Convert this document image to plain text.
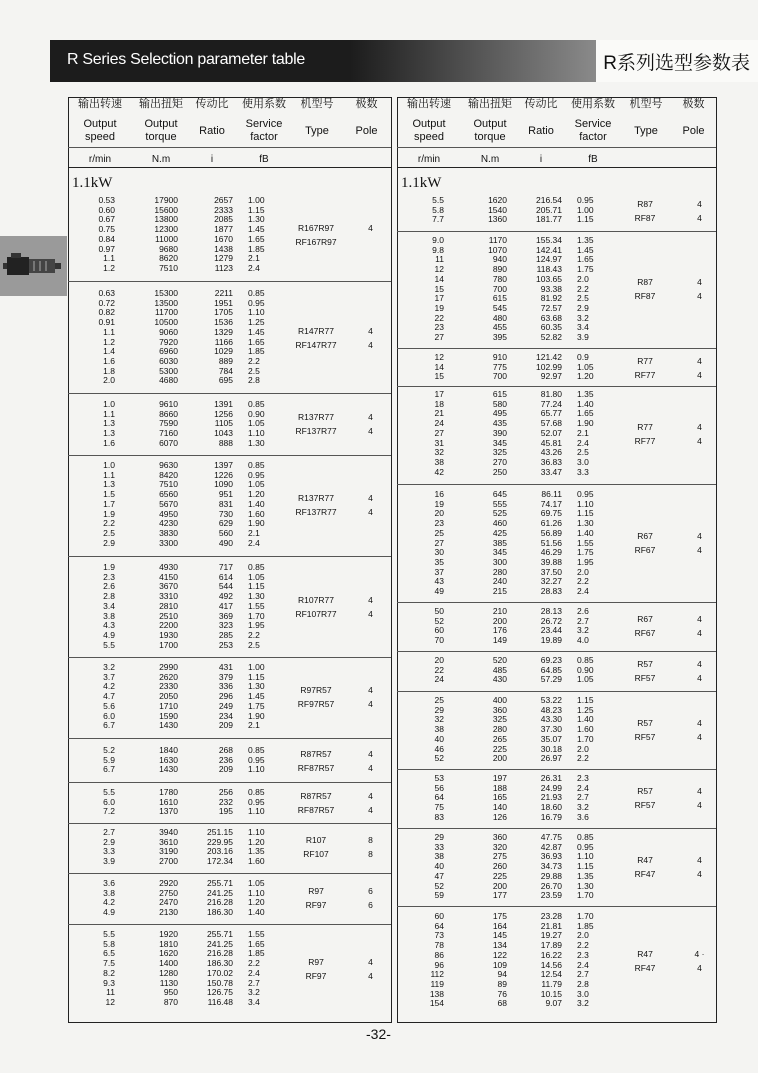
R Series Selection parameter table	R系列选型参数表
输出转速
Output
speed
r/min
输出扭矩
Output
torque
N.m
传动比
Ratio
i
使用系数
Service
factor
fB
机型号
Type
极数
Pole
1.1kW
0.53
0.60
0.67
0.75
0.84
0.97
1.1
1.2
17900
15600
13800
12300
11000
9680
8620
7510
2657
2333
2085
1877
1670
1438
1279
1123
1.00
1.15
1.30
1.45
1.65
1.85
2.1
2.4
R167R97
RF167R97
4

0.63
0.72
0.82
0.91
1.1
1.2
1.4
1.6
1.8
2.0
15300
13500
11700
10500
9060
7920
6960
6030
5300
4680
2211
1951
1705
1536
1329
1166
1029
889
784
695
0.85
0.95
1.10
1.25
1.45
1.65
1.85
2.2
2.5
2.8
R147R77
RF147R77
4
4
1.0
1.1
1.3
1.3
1.6
9610
8660
7590
7160
6070
1391
1256
1105
1043
888
0.85
0.90
1.05
1.10
1.30
R137R77
RF137R77
4
4
1.0
1.1
1.3
1.5
1.7
1.9
2.2
2.5
2.9
9630
8420
7510
6560
5670
4950
4230
3830
3300
1397
1226
1090
951
831
730
629
560
490
0.85
0.95
1.05
1.20
1.40
1.60
1.90
2.1
2.4
R137R77
RF137R77
4
4
1.9
2.3
2.6
2.8
3.4
3.8
4.3
4.9
5.5
4930
4150
3670
3310
2810
2510
2200
1930
1700
717
614
544
492
417
369
323
285
253
0.85
1.05
1.15
1.30
1.55
1.70
1.95
2.2
2.5
R107R77
RF107R77
4
4
3.2
3.7
4.2
4.7
5.6
6.0
6.7
2990
2620
2330
2050
1710
1590
1430
431
379
336
296
249
234
209
1.00
1.15
1.30
1.45
1.75
1.90
2.1
R97R57
RF97R57
4
4
5.2
5.9
6.7
1840
1630
1430
268
236
209
0.85
0.95
1.10
R87R57
RF87R57
4
4
5.5
6.0
7.2
1780
1610
1370
256
232
195
0.85
0.95
1.10
R87R57
RF87R57
4
4
2.7
2.9
3.3
3.9
3940
3610
3190
2700
251.15
229.95
203.16
172.34
1.10
1.20
1.35
1.60
R107
RF107
8
8
3.6
3.8
4.2
4.9
2920
2750
2470
2130
255.71
241.25
216.28
186.30
1.05
1.10
1.20
1.40
R97
RF97
6
6
5.5
5.8
6.5
7.5
8.2
9.3
11
12
1920
1810
1620
1400
1280
1130
950
870
255.71
241.25
216.28
186.30
170.02
150.78
126.75
116.48
1.55
1.65
1.85
2.2
2.4
2.7
3.2
3.4
R97
RF97
4
4
输出转速
Output
speed
r/min
输出扭矩
Output
torque
N.m
传动比
Ratio
i
使用系数
Service
factor
fB
机型号
Type
极数
Pole
1.1kW
5.5
5.8
7.7
1620
1540
1360
216.54
205.71
181.77
0.95
1.00
1.15
R87
RF87
4
4
9.0
9.8
11
12
14
15
17
19
22
23
27
1170
1070
940
890
780
700
615
545
480
455
395
155.34
142.41
124.97
118.43
103.65
93.38
81.92
72.57
63.68
60.35
52.82
1.35
1.45
1.65
1.75
2.0
2.2
2.5
2.9
3.2
3.4
3.9
R87
RF87
4
4
12
14
15
910
775
700
121.42
102.99
92.97
0.9
1.05
1.20
R77
RF77
4
4
17
18
21
24
27
31
32
38
42
615
580
495
435
390
345
325
270
250
81.80
77.24
65.77
57.68
52.07
45.81
43.26
36.83
33.47
1.35
1.40
1.65
1.90
2.1
2.4
2.5
3.0
3.3
R77
RF77
4
4
16
19
20
23
25
27
30
35
37
43
49
645
555
525
460
425
385
345
300
280
240
215
86.11
74.17
69.75
61.26
56.89
51.56
46.29
39.88
37.50
32.27
28.83
0.95
1.10
1.15
1.30
1.40
1.55
1.75
1.95
2.0
2.2
2.4
R67
RF67
4
4
50
52
60
70
210
200
176
149
28.13
26.72
23.44
19.89
2.6
2.7
3.2
4.0
R67
RF67
4
4
20
22
24
520
485
430
69.23
64.85
57.29
0.85
0.90
1.05
R57
RF57
4
4
25
29
32
38
40
46
52
400
360
325
280
265
225
200
53.22
48.23
43.30
37.30
35.07
30.18
26.97
1.15
1.25
1.40
1.60
1.70
2.0
2.2
R57
RF57
4
4
53
56
64
75
83
197
188
165
140
126
26.31
24.99
21.93
18.60
16.79
2.3
2.4
2.7
3.2
3.6
R57
RF57
4
4
29
33
38
40
47
52
59
360
320
275
260
225
200
177
47.75
42.87
36.93
34.73
29.88
26.70
23.59
0.85
0.95
1.10
1.15
1.35
1.30
1.70
R47
RF47
4
4
60
64
73
78
86
96
112
119
138
154
175
164
145
134
122
109
94
89
76
68
23.28
21.81
19.27
17.89
16.22
14.56
12.54
11.79
10.15
9.07
1.70
1.85
2.0
2.2
2.3
2.4
2.7
2.8
3.0
3.2
R47
RF47
4 ·
4
-32-
